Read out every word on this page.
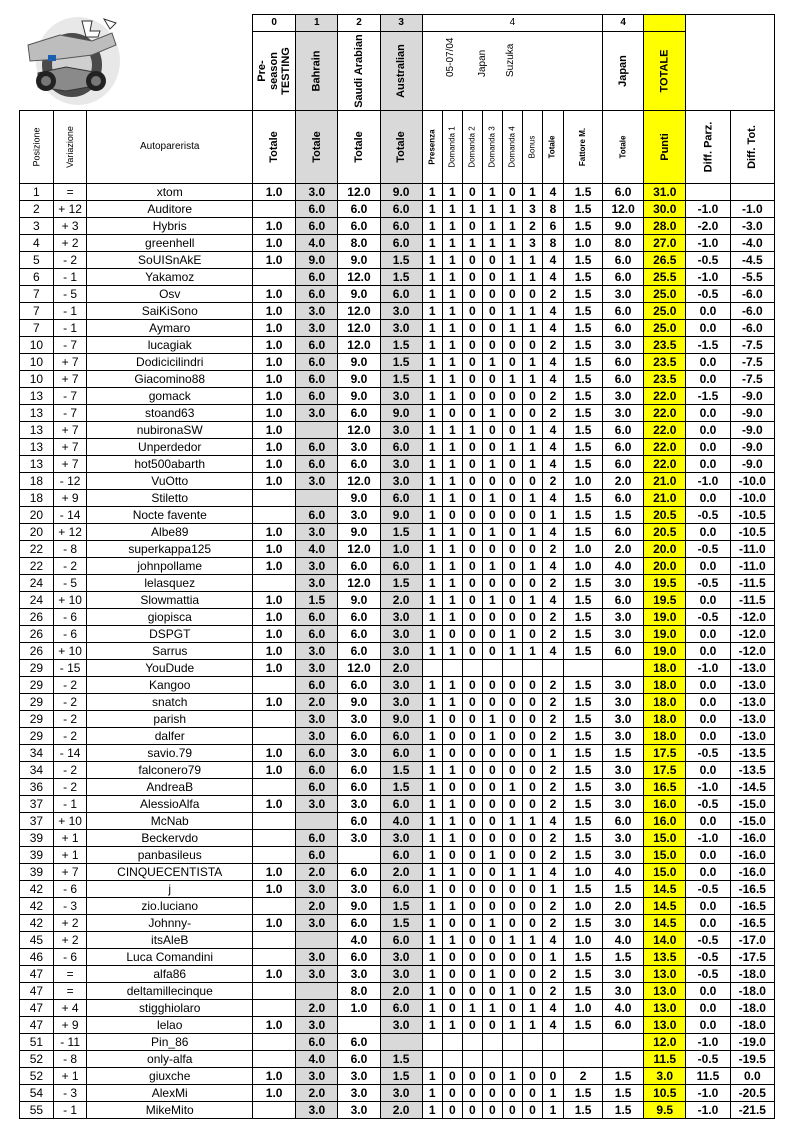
	0	1	2	3	4								4			

			Pre-season TESTING	Bahrain	Saudi Arabian	Australian	05-07/04 Japan Suzuka								Japan	TOTALE		

Posizione	Variazione	Autoparerista	Totale	Totale	Totale	Totale	Presenza	Domanda 1	Domanda 2	Domanda 3	Domanda 4	Bonus	Totale	Fattore M.	Totale	Punti	Diff. Parz.	Diff. Tot.

1	=	xtom	1.0	3.0	12.0	9.0	1	1	0	1	0	1	4	1.5	6.0	31.0		
2	+ 12	Auditore		6.0	6.0	6.0	1	1	1	1	1	3	8	1.5	12.0	30.0	-1.0	-1.0
3	+ 3	Hybris	1.0	6.0	6.0	6.0	1	1	0	1	1	2	6	1.5	9.0	28.0	-2.0	-3.0
4	+ 2	greenhell	1.0	4.0	8.0	6.0	1	1	1	1	1	3	8	1.0	8.0	27.0	-1.0	-4.0
5	- 2	SoUISnAkE	1.0	9.0	9.0	1.5	1	1	0	0	1	1	4	1.5	6.0	26.5	-0.5	-4.5
6	- 1	Yakamoz		6.0	12.0	1.5	1	1	0	0	1	1	4	1.5	6.0	25.5	-1.0	-5.5
7	- 5	Osv	1.0	6.0	9.0	6.0	1	1	0	0	0	0	2	1.5	3.0	25.0	-0.5	-6.0
7	- 1	SaiKiSono	1.0	3.0	12.0	3.0	1	1	0	0	1	1	4	1.5	6.0	25.0	0.0	-6.0
7	- 1	Aymaro	1.0	3.0	12.0	3.0	1	1	0	0	1	1	4	1.5	6.0	25.0	0.0	-6.0
10	- 7	lucagiak	1.0	6.0	12.0	1.5	1	1	0	0	0	0	2	1.5	3.0	23.5	-1.5	-7.5
10	+ 7	Dodicicilindri	1.0	6.0	9.0	1.5	1	1	0	1	0	1	4	1.5	6.0	23.5	0.0	-7.5
10	+ 7	Giacomino88	1.0	6.0	9.0	1.5	1	1	0	0	1	1	4	1.5	6.0	23.5	0.0	-7.5
13	- 7	gomack	1.0	6.0	9.0	3.0	1	1	0	0	0	0	2	1.5	3.0	22.0	-1.5	-9.0
13	- 7	stoand63	1.0	3.0	6.0	9.0	1	0	0	1	0	0	2	1.5	3.0	22.0	0.0	-9.0
13	+ 7	nubironaSW	1.0		12.0	3.0	1	1	1	0	0	1	4	1.5	6.0	22.0	0.0	-9.0
13	+ 7	Unperdedor	1.0	6.0	3.0	6.0	1	1	0	0	1	1	4	1.5	6.0	22.0	0.0	-9.0
13	+ 7	hot500abarth	1.0	6.0	6.0	3.0	1	1	0	1	0	1	4	1.5	6.0	22.0	0.0	-9.0
18	- 12	VuOtto	1.0	3.0	12.0	3.0	1	1	0	0	0	0	2	1.0	2.0	21.0	-1.0	-10.0
18	+ 9	Stiletto			9.0	6.0	1	1	0	1	0	1	4	1.5	6.0	21.0	0.0	-10.0
20	- 14	Nocte favente		6.0	3.0	9.0	1	0	0	0	0	0	1	1.5	1.5	20.5	-0.5	-10.5
20	+ 12	Albe89	1.0	3.0	9.0	1.5	1	1	0	1	0	1	4	1.5	6.0	20.5	0.0	-10.5
22	- 8	superkappa125	1.0	4.0	12.0	1.0	1	1	0	0	0	0	2	1.0	2.0	20.0	-0.5	-11.0
22	- 2	johnpollame	1.0	3.0	6.0	6.0	1	1	0	1	0	1	4	1.0	4.0	20.0	0.0	-11.0
24	- 5	lelasquez		3.0	12.0	1.5	1	1	0	0	0	0	2	1.5	3.0	19.5	-0.5	-11.5
24	+ 10	Slowmattia	1.0	1.5	9.0	2.0	1	1	0	1	0	1	4	1.5	6.0	19.5	0.0	-11.5
26	- 6	giopisca	1.0	6.0	6.0	3.0	1	1	0	0	0	0	2	1.5	3.0	19.0	-0.5	-12.0
26	- 6	DSPGT	1.0	6.0	6.0	3.0	1	0	0	0	1	0	2	1.5	3.0	19.0	0.0	-12.0
26	+ 10	Sarrus	1.0	3.0	6.0	3.0	1	1	0	0	1	1	4	1.5	6.0	19.0	0.0	-12.0
29	- 15	YouDude	1.0	3.0	12.0	2.0										18.0	-1.0	-13.0
29	- 2	Kangoo		6.0	6.0	3.0	1	1	0	0	0	0	2	1.5	3.0	18.0	0.0	-13.0
29	- 2	snatch	1.0	2.0	9.0	3.0	1	1	0	0	0	0	2	1.5	3.0	18.0	0.0	-13.0
29	- 2	parish		3.0	3.0	9.0	1	0	0	1	0	0	2	1.5	3.0	18.0	0.0	-13.0
29	- 2	dalfer		3.0	6.0	6.0	1	0	0	1	0	0	2	1.5	3.0	18.0	0.0	-13.0
34	- 14	savio.79	1.0	6.0	3.0	6.0	1	0	0	0	0	0	1	1.5	1.5	17.5	-0.5	-13.5
34	- 2	falconero79	1.0	6.0	6.0	1.5	1	1	0	0	0	0	2	1.5	3.0	17.5	0.0	-13.5
36	- 2	AndreaB		6.0	6.0	1.5	1	0	0	0	1	0	2	1.5	3.0	16.5	-1.0	-14.5
37	- 1	AlessioAlfa	1.0	3.0	3.0	6.0	1	1	0	0	0	0	2	1.5	3.0	16.0	-0.5	-15.0
37	+ 10	McNab			6.0	4.0	1	1	0	0	1	1	4	1.5	6.0	16.0	0.0	-15.0
39	+ 1	Beckervdo		6.0	3.0	3.0	1	1	0	0	0	0	2	1.5	3.0	15.0	-1.0	-16.0
39	+ 1	panbasileus		6.0		6.0	1	0	0	1	0	0	2	1.5	3.0	15.0	0.0	-16.0
39	+ 7	CINQUECENTISTA	1.0	2.0	6.0	2.0	1	1	0	0	1	1	4	1.0	4.0	15.0	0.0	-16.0
42	- 6	j	1.0	3.0	3.0	6.0	1	0	0	0	0	0	1	1.5	1.5	14.5	-0.5	-16.5
42	- 3	zio.luciano		2.0	9.0	1.5	1	1	0	0	0	0	2	1.0	2.0	14.5	0.0	-16.5
42	+ 2	Johnny-	1.0	3.0	6.0	1.5	1	0	0	1	0	0	2	1.5	3.0	14.5	0.0	-16.5
45	+ 2	itsAleB			4.0	6.0	1	1	0	0	1	1	4	1.0	4.0	14.0	-0.5	-17.0
46	- 6	Luca Comandini		3.0	6.0	3.0	1	0	0	0	0	0	1	1.5	1.5	13.5	-0.5	-17.5
47	=	alfa86	1.0	3.0	3.0	3.0	1	0	0	1	0	0	2	1.5	3.0	13.0	-0.5	-18.0
47	=	deltamillecinque			8.0	2.0	1	0	0	0	1	0	2	1.5	3.0	13.0	0.0	-18.0
47	+ 4	stigghiolaro		2.0	1.0	6.0	1	0	1	1	0	1	4	1.0	4.0	13.0	0.0	-18.0
47	+ 9	lelao	1.0	3.0		3.0	1	1	0	0	1	1	4	1.5	6.0	13.0	0.0	-18.0
51	- 11	Pin_86		6.0	6.0											12.0	-1.0	-19.0
52	- 8	only-alfa		4.0	6.0	1.5										11.5	-0.5	-19.5
52	+ 1	giuxche	1.0	3.0	3.0	1.5	1	0	0	0	1	0	0	2	1.5	3.0	11.5	0.0
54	- 3	AlexMi	1.0	2.0	3.0	3.0	1	0	0	0	0	0	1	1.5	1.5	10.5	-1.0	-20.5
55	- 1	MikeMito		3.0	3.0	2.0	1	0	0	0	0	0	1	1.5	1.5	9.5	-1.0	-21.5
